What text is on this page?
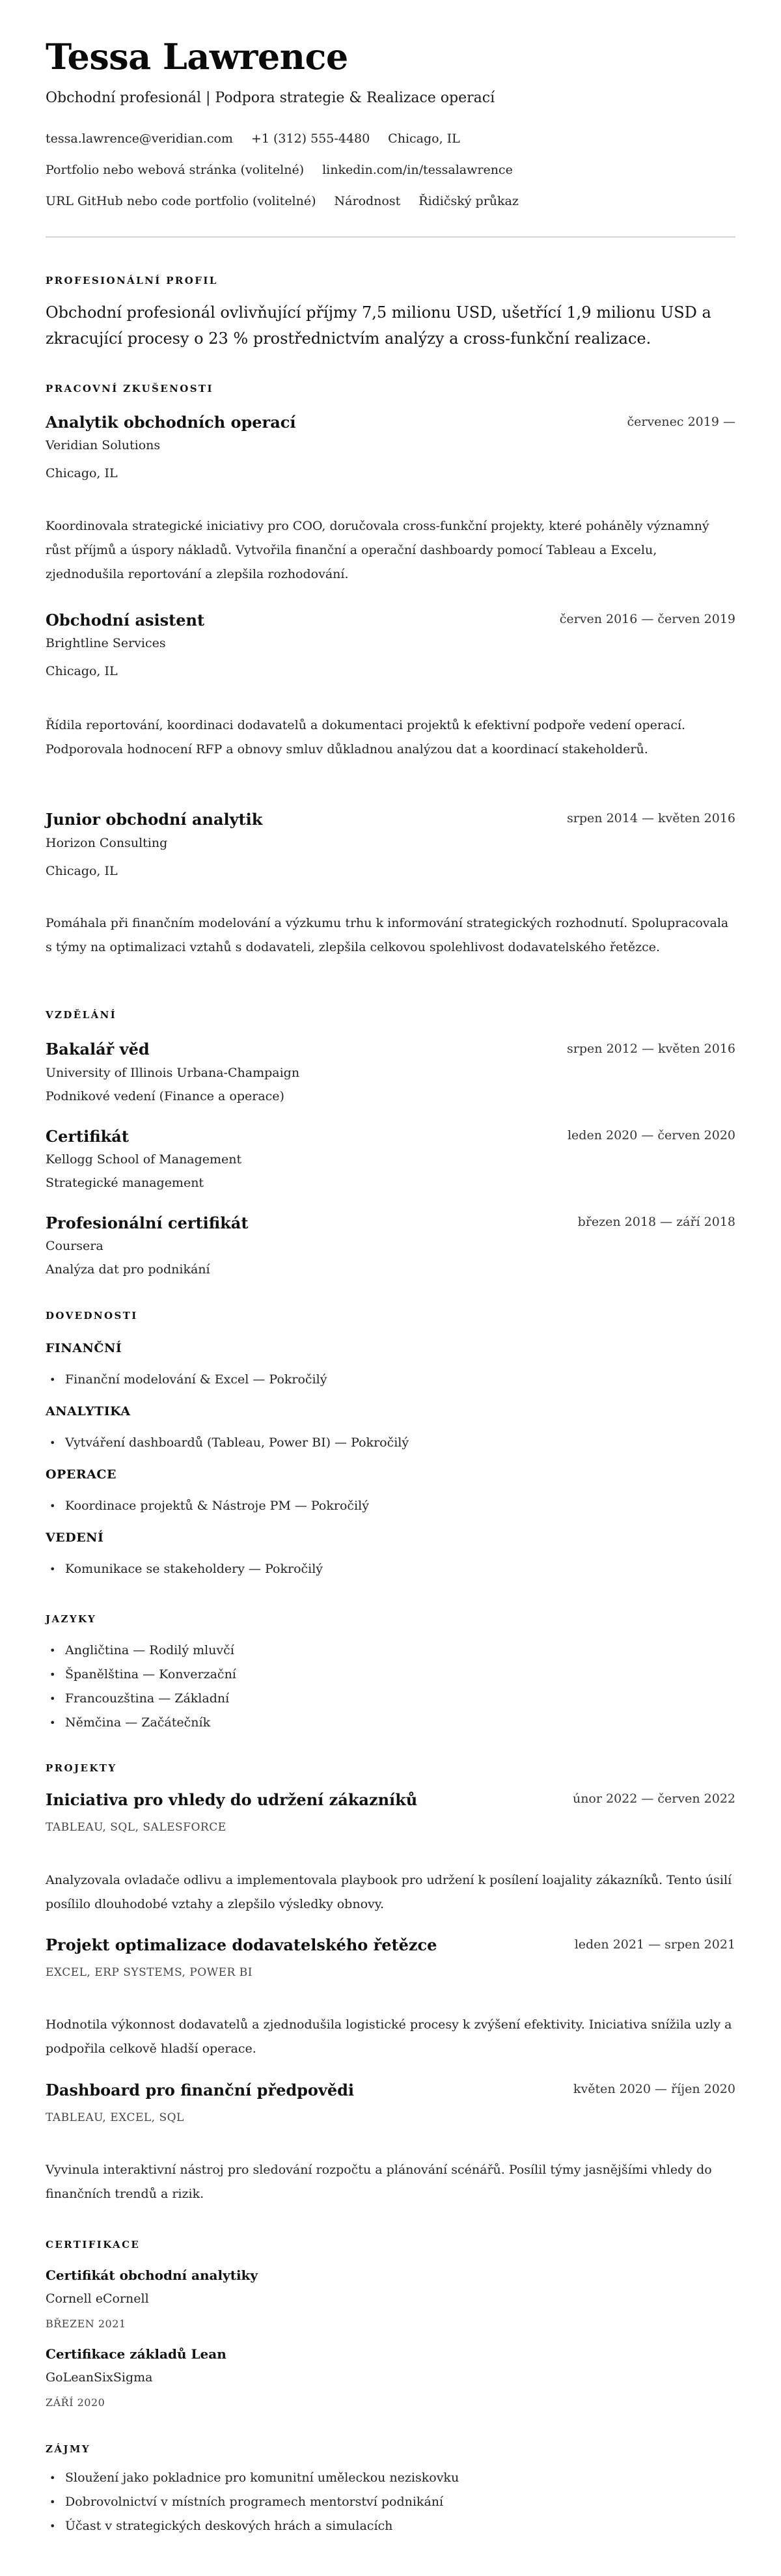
Tessa Lawrence
Obchodní profesionál | Podpora strategie & Realizace operací
tessa.lawrence@veridian.com +1 (312) 555-4480 Chicago, IL
Portfolio nebo webová stránka (volitelné) linkedin.com/in/tessalawrence
URL GitHub nebo code portfolio (volitelné) Národnost Řidičský průkaz
PROFESIONÁLNÍ PROFIL
Obchodní profesionál ovlivňující příjmy 7,5 milionu USD, ušetřící 1,9 milionu USD a zkracující procesy o 23 % prostřednictvím analýzy a cross-funkční realizace.
PRACOVNÍ ZKUŠENOSTI
Analytik obchodních operací	červenec 2019 —
Veridian Solutions
Chicago, IL
Koordinovala strategické iniciativy pro COO, doručovala cross-funkční projekty, které poháněly významný růst příjmů a úspory nákladů. Vytvořila finanční a operační dashboardy pomocí Tableau a Excelu, zjednodušila reportování a zlepšila rozhodování.
Obchodní asistent	červen 2016 — červen 2019
Brightline Services
Chicago, IL
Řídila reportování, koordinaci dodavatelů a dokumentaci projektů k efektivní podpoře vedení operací. Podporovala hodnocení RFP a obnovy smluv důkladnou analýzou dat a koordinací stakeholderů.
Junior obchodní analytik	srpen 2014 — květen 2016
Horizon Consulting
Chicago, IL
Pomáhala při finančním modelování a výzkumu trhu k informování strategických rozhodnutí. Spolupracovala s týmy na optimalizaci vztahů s dodavateli, zlepšila celkovou spolehlivost dodavatelského řetězce.
VZDĚLÁNÍ
Bakalář věd	srpen 2012 — květen 2016
University of Illinois Urbana-Champaign
Podnikové vedení (Finance a operace)
Certifikát	leden 2020 — červen 2020
Kellogg School of Management
Strategické management
Profesionální certifikát	březen 2018 — září 2018
Coursera
Analýza dat pro podnikání
DOVEDNOSTI
FINANČNÍ
• Finanční modelování & Excel — Pokročilý
ANALYTIKA
• Vytváření dashboardů (Tableau, Power BI) — Pokročilý
OPERACE
• Koordinace projektů & Nástroje PM — Pokročilý
VEDENÍ
• Komunikace se stakeholdery — Pokročilý
JAZYKY
• Angličtina — Rodilý mluvčí
• Španělština — Konverzační
• Francouzština — Základní
• Němčina — Začátečník
PROJEKTY
Iniciativa pro vhledy do udržení zákazníků	únor 2022 — červen 2022
TABLEAU, SQL, SALESFORCE
Analyzovala ovladače odlivu a implementovala playbook pro udržení k posílení loajality zákazníků. Tento úsilí posílilo dlouhodobé vztahy a zlepšilo výsledky obnovy.
Projekt optimalizace dodavatelského řetězce	leden 2021 — srpen 2021
EXCEL, ERP SYSTEMS, POWER BI
Hodnotila výkonnost dodavatelů a zjednodušila logistické procesy k zvýšení efektivity. Iniciativa snížila uzly a podpořila celkově hladší operace.
Dashboard pro finanční předpovědi	květen 2020 — říjen 2020
TABLEAU, EXCEL, SQL
Vyvinula interaktivní nástroj pro sledování rozpočtu a plánování scénářů. Posílil týmy jasnějšími vhledy do finančních trendů a rizik.
CERTIFIKACE
Certifikát obchodní analytiky
Cornell eCornell
BŘEZEN 2021
Certifikace základů Lean
GoLeanSixSigma
ZÁŘÍ 2020
ZÁJMY
• Sloužení jako pokladnice pro komunitní uměleckou neziskovku
• Dobrovolnictví v místních programech mentorství podnikání
• Účast v strategických deskových hrách a simulacích
